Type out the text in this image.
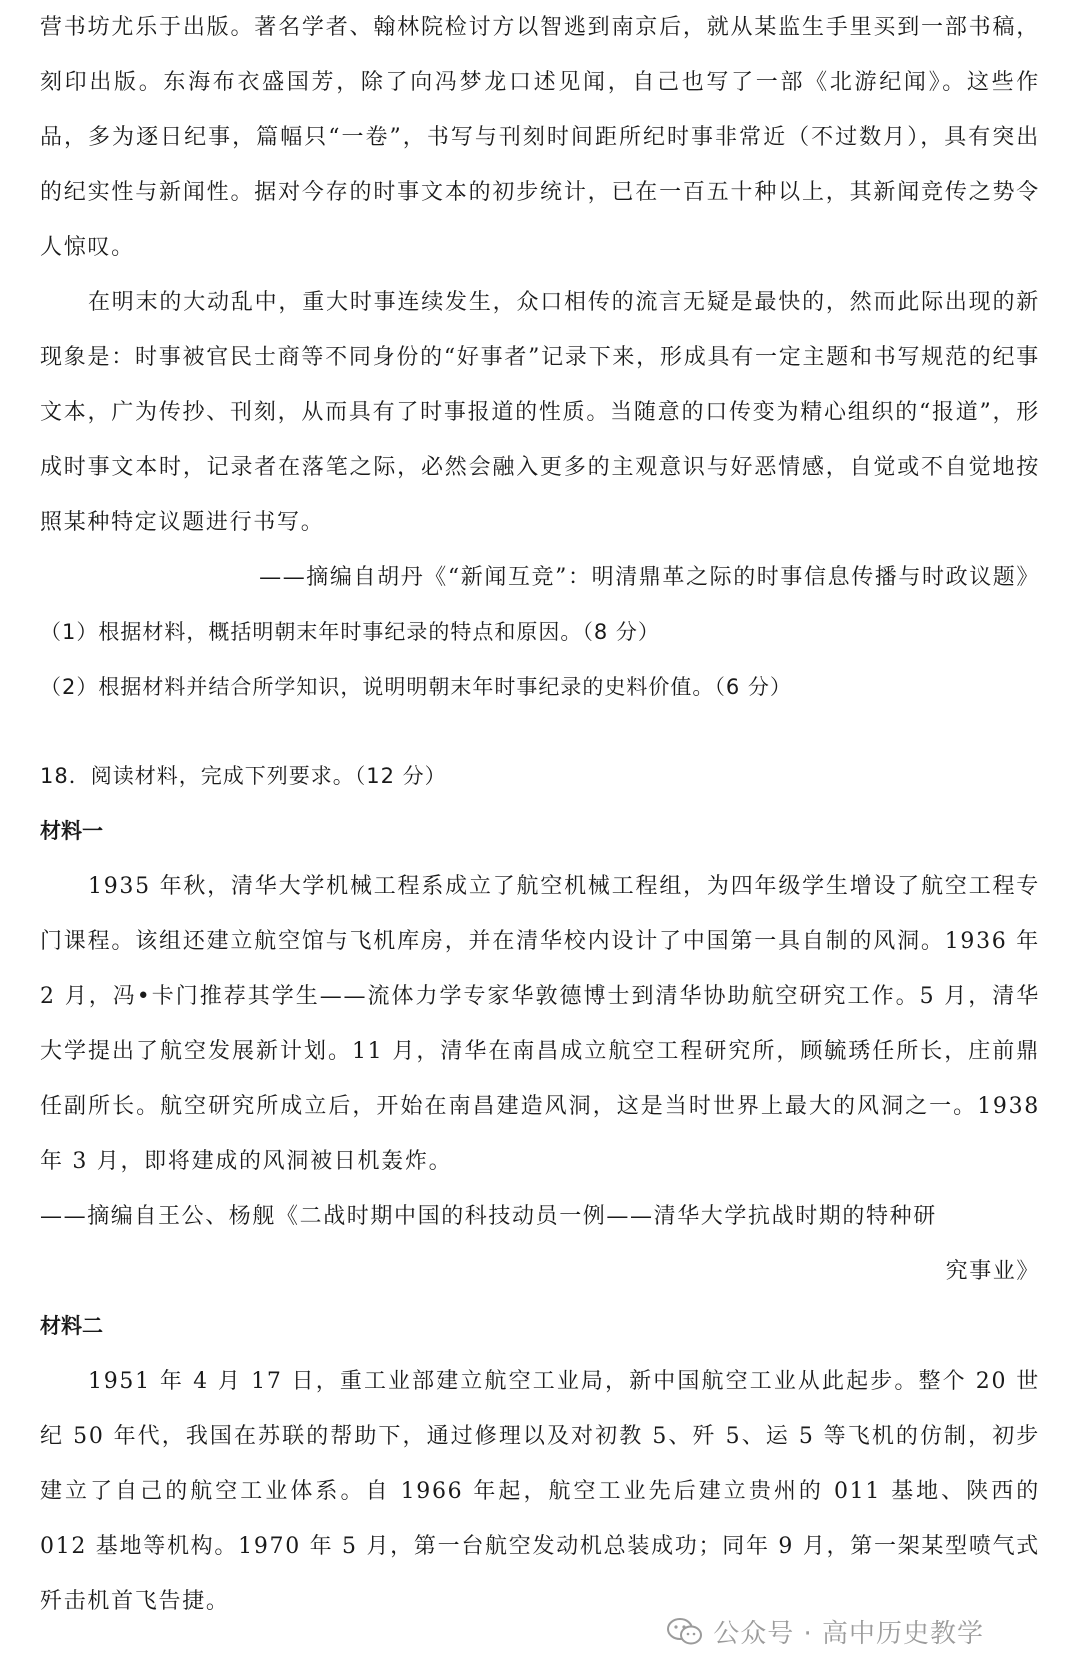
营书坊尤乐于出版。著名学者、翰林院检讨方以智逃到南京后，就从某监生手里买到一部书稿，刻印出版。东海布衣盛国芳，除了向冯梦龙口述见闻，自己也写了一部《北游纪闻》。这些作品，多为逐日纪事，篇幅只“一卷”，书写与刊刻时间距所纪时事非常近（不过数月），具有突出的纪实性与新闻性。据对今存的时事文本的初步统计，已在一百五十种以上，其新闻竞传之势令人惊叹。

在明末的大动乱中，重大时事连续发生，众口相传的流言无疑是最快的，然而此际出现的新现象是：时事被官民士商等不同身份的“好事者”记录下来，形成具有一定主题和书写规范的纪事文本，广为传抄、刊刻，从而具有了时事报道的性质。当随意的口传变为精心组织的“报道”，形成时事文本时，记录者在落笔之际，必然会融入更多的主观意识与好恶情感，自觉或不自觉地按照某种特定议题进行书写。

——摘编自胡丹《“新闻互竞”：明清鼎革之际的时事信息传播与时政议题》

（1）根据材料，概括明朝末年时事纪录的特点和原因。（8 分）

（2）根据材料并结合所学知识，说明明朝末年时事纪录的史料价值。（6 分）

18．阅读材料，完成下列要求。（12 分）

材料一

1935 年秋，清华大学机械工程系成立了航空机械工程组，为四年级学生增设了航空工程专门课程。该组还建立航空馆与飞机库房，并在清华校内设计了中国第一具自制的风洞。1936 年 2 月，冯•卡门推荐其学生——流体力学专家华敦德博士到清华协助航空研究工作。5 月，清华大学提出了航空发展新计划。11 月，清华在南昌成立航空工程研究所，顾毓琇任所长，庄前鼎任副所长。航空研究所成立后，开始在南昌建造风洞，这是当时世界上最大的风洞之一。1938 年 3 月，即将建成的风洞被日机轰炸。

——摘编自王公、杨舰《二战时期中国的科技动员一例——清华大学抗战时期的特种研

究事业》

材料二

1951 年 4 月 17 日，重工业部建立航空工业局，新中国航空工业从此起步。整个 20 世纪 50 年代，我国在苏联的帮助下，通过修理以及对初教 5、歼 5、运 5 等飞机的仿制，初步建立了自己的航空工业体系。自 1966 年起，航空工业先后建立贵州的 011 基地、陕西的 012 基地等机构。1970 年 5 月，第一台航空发动机总装成功；同年 9 月，第一架某型喷气式歼击机首飞告捷。

公众号 · 高中历史教学
